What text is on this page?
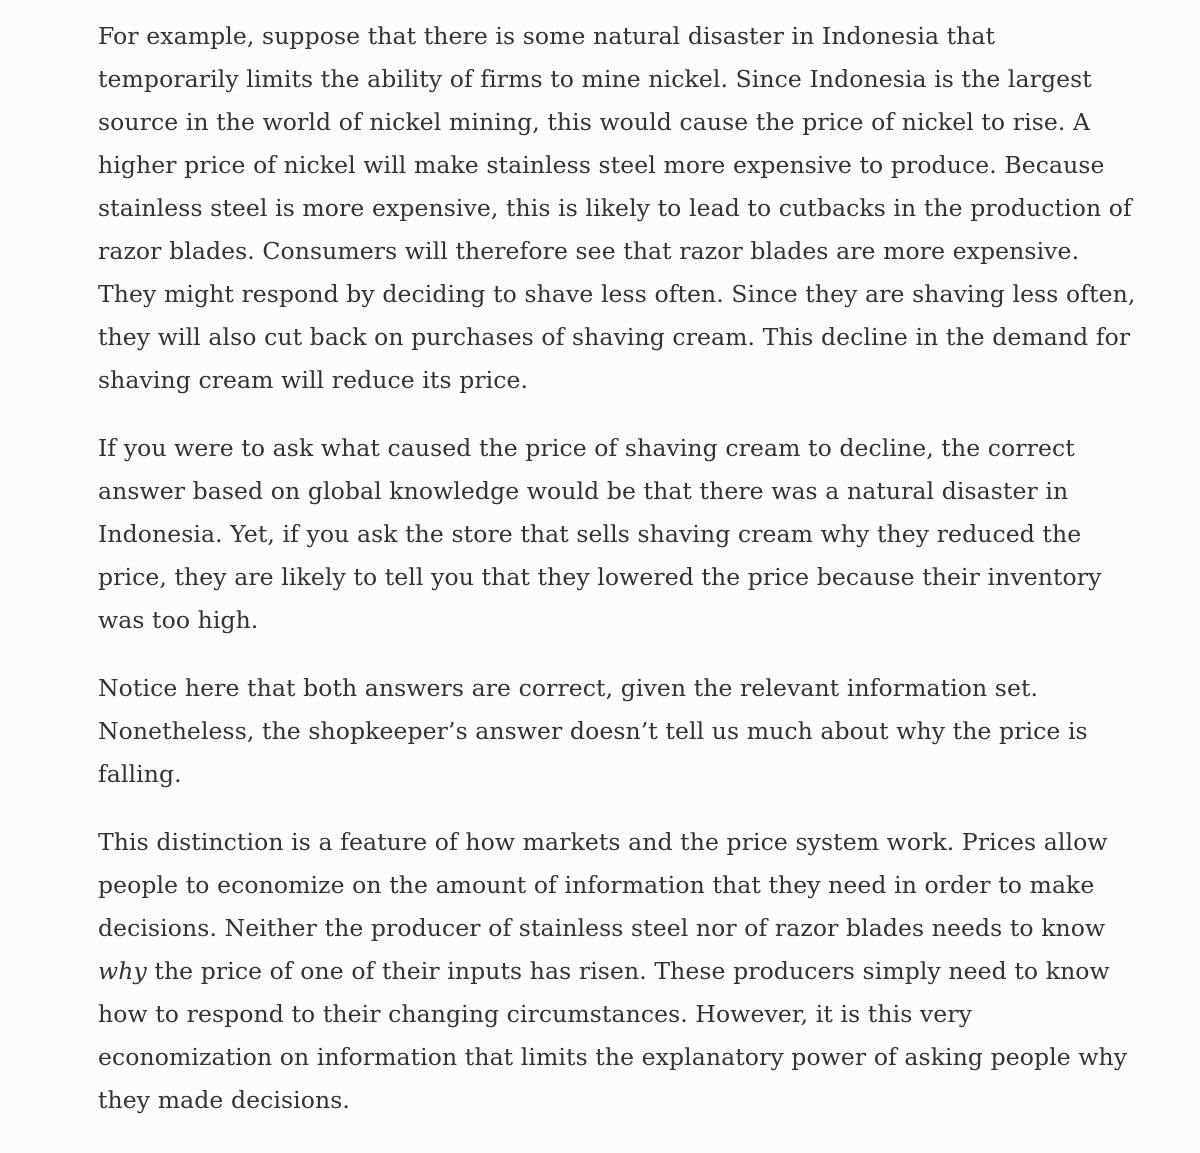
For example, suppose that there is some natural disaster in Indonesia that temporarily limits the ability of firms to mine nickel. Since Indonesia is the largest source in the world of nickel mining, this would cause the price of nickel to rise. A higher price of nickel will make stainless steel more expensive to produce. Because stainless steel is more expensive, this is likely to lead to cutbacks in the production of razor blades. Consumers will therefore see that razor blades are more expensive. They might respond by deciding to shave less often. Since they are shaving less often, they will also cut back on purchases of shaving cream. This decline in the demand for shaving cream will reduce its price.

If you were to ask what caused the price of shaving cream to decline, the correct answer based on global knowledge would be that there was a natural disaster in Indonesia. Yet, if you ask the store that sells shaving cream why they reduced the price, they are likely to tell you that they lowered the price because their inventory was too high.

Notice here that both answers are correct, given the relevant information set. Nonetheless, the shopkeeper’s answer doesn’t tell us much about why the price is falling.

This distinction is a feature of how markets and the price system work. Prices allow people to economize on the amount of information that they need in order to make decisions. Neither the producer of stainless steel nor of razor blades needs to know why the price of one of their inputs has risen. These producers simply need to know how to respond to their changing circumstances. However, it is this very economization on information that limits the explanatory power of asking people why they made decisions.
